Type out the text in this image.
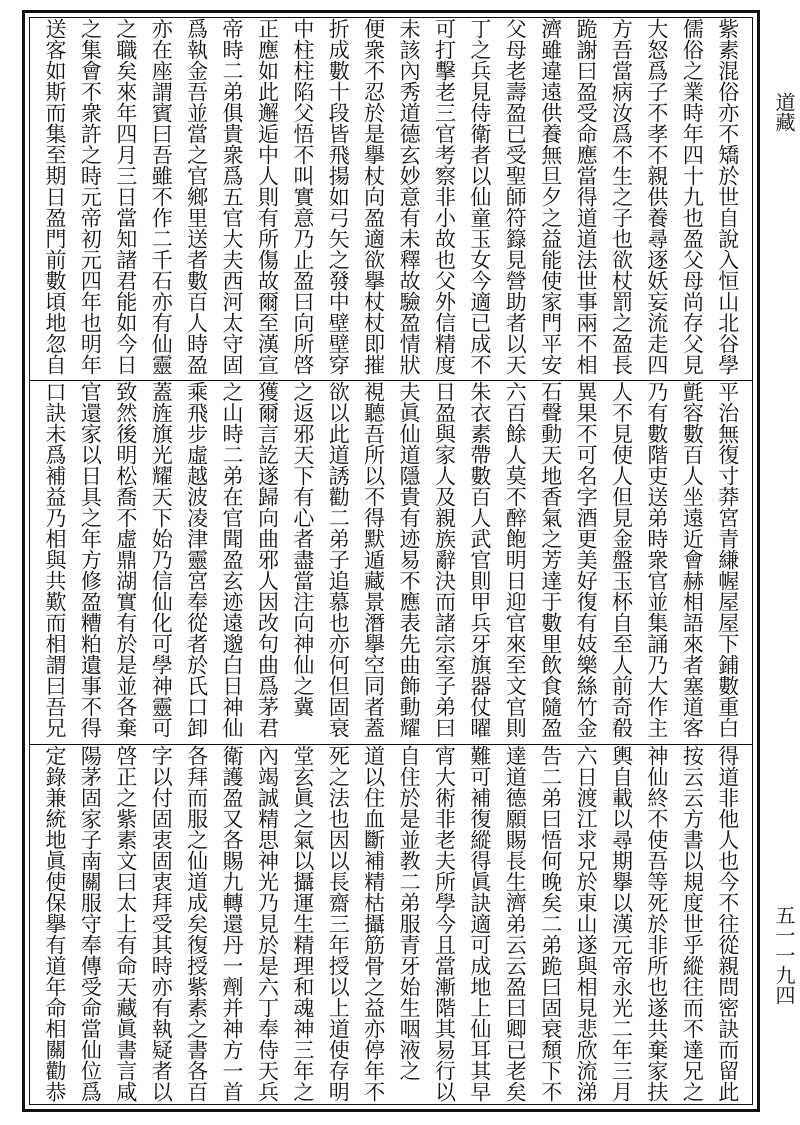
紫素混俗亦不矯於世自說入恒山北谷學
儒俗之業時年四十九也盈父母尚存父見
大怒爲子不孝不親供養尋逐妖妄流走四
方吾當病汝爲不生之子也欲杖罰之盈長
跪謝曰盈受命應當得道道法世事兩不相
濟雖違遠供養無旦夕之益能使家門平安
父母老壽盈已受聖師符籙見營助者以天
丁之兵見侍衛者以仙童玉女今適已成不
可打擊老三官考察非小故也父外信精度
未該內秀道德玄妙意有未釋故驗盈情狀
便衆不忍於是擧杖向盈適欲擧杖杖即摧
折成數十段皆飛揚如弓矢之發中壁壁穿
中柱柱陷父悟不叫實意乃止盈曰向所啓
正應如此邂逅中人則有所傷故爾至漢宣
帝時二弟俱貴衆爲五官大夫西河太守固
爲執金吾並當之官鄉里送者數百人時盈
亦在座謂賓曰吾雖不作二千石亦有仙靈
之職矣來年四月三日當知諸君能如今日
之集會不衆許之時元帝初元四年也明年
送客如斯而集至期日盈門前數頃地忽自
平治無復寸莽宮青縑幄屋屋下鋪數重白
氈容數百人坐遠近會赫相語來者塞道客
乃有數階吏送弟時衆官並集誦乃大作主
人不見使人但見金盤玉杯自至人前奇殽
異果不可名字酒更美好復有妓樂絲竹金
石聲動天地香氣之芳達于數里飲食隨盈
六百餘人莫不醉飽明日迎官來至文官則
朱衣素帶數百人武官則甲兵牙旗器仗曜
日盈與家人及親族辭決而諸宗室子弟曰
夫眞仙道隱貴有迹易不應表先曲飾動耀
視聽吾所以不得默遁藏景潛擧空同者蓋
欲以此道誘勸二弟子追慕也亦何但固衰
之返邪天下有心者盡當注向神仙之冀
獲爾言訖遂歸向曲邪人因改句曲爲茅君
之山時二弟在官聞盈玄迹遠邈白日神仙
乘飛步虛越波凌津靈宮奉從者於氏口卸
蓋旌旗光耀天下始乃信仙化可學神靈可
致然後明松喬不虛鼎湖實有於是並各棄
官還家以日具之年方修盈糟粕遺事不得
口訣未爲補益乃相與共歎而相謂曰吾兄
得道非他人也今不往從親問密訣而留此
按云云方書以規度世乎縱往而不達兄之
神仙終不使吾等死於非所也遂共棄家扶
輿自載以尋期擧以漢元帝永光二年三月
六日渡江求兄於東山遂與相見悲欣流涕
告二弟曰悟何晚矣二弟跪曰固衰頹下不
達道德願賜長生濟弟云云盈曰卿已老矣
難可補復縱得眞訣適可成地上仙耳其早
宵大術非老夫所學今且當漸階其易行以
自住於是並教二弟服青牙始生咽液之
道以住血斷補精枯攝筋骨之益亦停年不
死之法也因以長齋三年授以上道使存明
堂玄眞之氣以攝運生精理和魂神三年之
內竭誠精思神光乃見於是六丁奉侍天兵
衛護盈又各賜九轉還丹一劑并神方一首
各拜而服之仙道成矣復授紫素之書各百
字以付固衷固衷拜受其時亦有執疑者以
啓正之紫素文曰太上有命天藏眞書言咸
陽茅固家子南關服守奉傳受命當仙位爲
定錄兼統地眞使保擧有道年命相關勸恭
道藏
五一一九四
